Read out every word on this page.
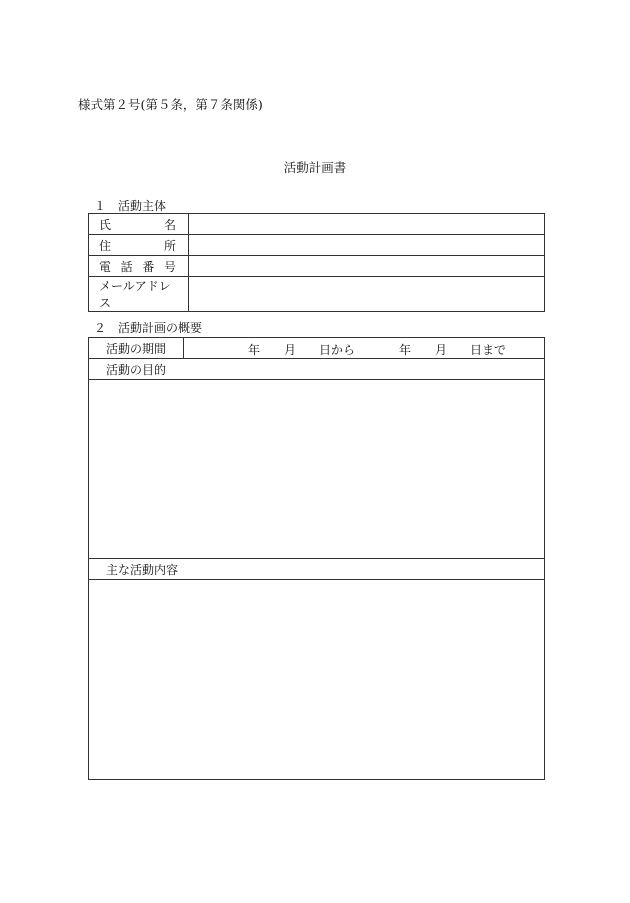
様式第２号(第５条，第７条関係)
活動計画書
１　活動主体
氏 名	

住 所	

電 話 番 号	

メールアドレス	

２　活動計画の概要
活動の期間	年 月 日から	年 月 日まで

活動の目的

主な活動内容
